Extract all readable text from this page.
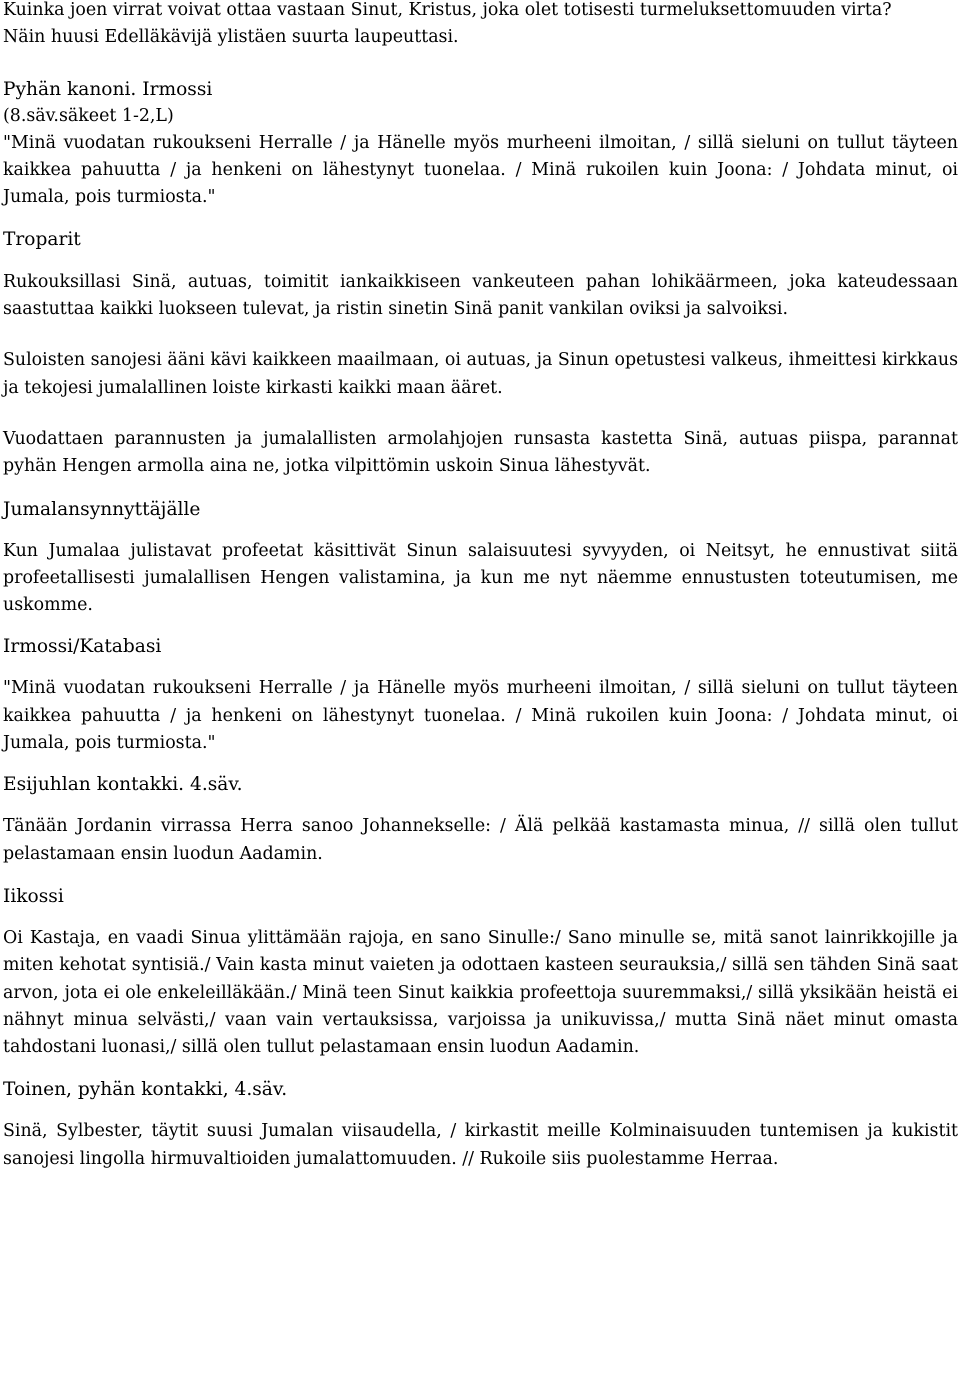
Kuinka joen virrat voivat ottaa vastaan Sinut, Kristus, joka olet totisesti turmeluksettomuuden virta?

Näin huusi Edelläkävijä ylistäen suurta laupeuttasi.

Pyhän kanoni. Irmossi

(8.säv.säkeet 1-2,L)

"Minä vuodatan rukoukseni Herralle / ja Hänelle myös murheeni ilmoitan, / sillä sieluni on tullut täyteen kaikkea pahuutta / ja henkeni on lähestynyt tuonelaa. / Minä rukoilen kuin Joona: / Johdata minut, oi Jumala, pois turmiosta."

Troparit

Rukouksillasi Sinä, autuas, toimitit iankaikkiseen vankeuteen pahan lohikäärmeen, joka kateudessaan saastuttaa kaikki luokseen tulevat, ja ristin sinetin Sinä panit vankilan oviksi ja salvoiksi.

Suloisten sanojesi ääni kävi kaikkeen maailmaan, oi autuas, ja Sinun opetustesi valkeus, ihmeittesi kirkkaus ja tekojesi jumalallinen loiste kirkasti kaikki maan ääret.

Vuodattaen parannusten ja jumalallisten armolahjojen runsasta kastetta Sinä, autuas piispa, parannat pyhän Hengen armolla aina ne, jotka vilpittömin uskoin Sinua lähestyvät.

Jumalansynnyttäjälle

Kun Jumalaa julistavat profeetat käsittivät Sinun salaisuutesi syvyyden, oi Neitsyt, he ennustivat siitä profeetallisesti jumalallisen Hengen valistamina, ja kun me nyt näemme ennustusten toteutumisen, me uskomme.

Irmossi/Katabasi

"Minä vuodatan rukoukseni Herralle / ja Hänelle myös murheeni ilmoitan, / sillä sieluni on tullut täyteen kaikkea pahuutta / ja henkeni on lähestynyt tuonelaa. / Minä rukoilen kuin Joona: / Johdata minut, oi Jumala, pois turmiosta."

Esijuhlan kontakki. 4.säv.

Tänään Jordanin virrassa Herra sanoo Johannekselle: / Älä pelkää kastamasta minua, // sillä olen tullut pelastamaan ensin luodun Aadamin.

Iikossi

Oi Kastaja, en vaadi Sinua ylittämään rajoja, en sano Sinulle:/ Sano minulle se, mitä sanot lainrikkojille ja miten kehotat syntisiä./ Vain kasta minut vaieten ja odottaen kasteen seurauksia,/ sillä sen tähden Sinä saat arvon, jota ei ole enkeleilläkään./ Minä teen Sinut kaikkia profeettoja suuremmaksi,/ sillä yksikään heistä ei nähnyt minua selvästi,/ vaan vain vertauksissa, varjoissa ja unikuvissa,/ mutta Sinä näet minut omasta tahdostani luonasi,/ sillä olen tullut pelastamaan ensin luodun Aadamin.

Toinen, pyhän kontakki, 4.säv.

Sinä, Sylbester, täytit suusi Jumalan viisaudella, / kirkastit meille Kolminaisuuden tuntemisen ja kukistit sanojesi lingolla hirmuvaltioiden jumalattomuuden. // Rukoile siis puolestamme Herraa.
